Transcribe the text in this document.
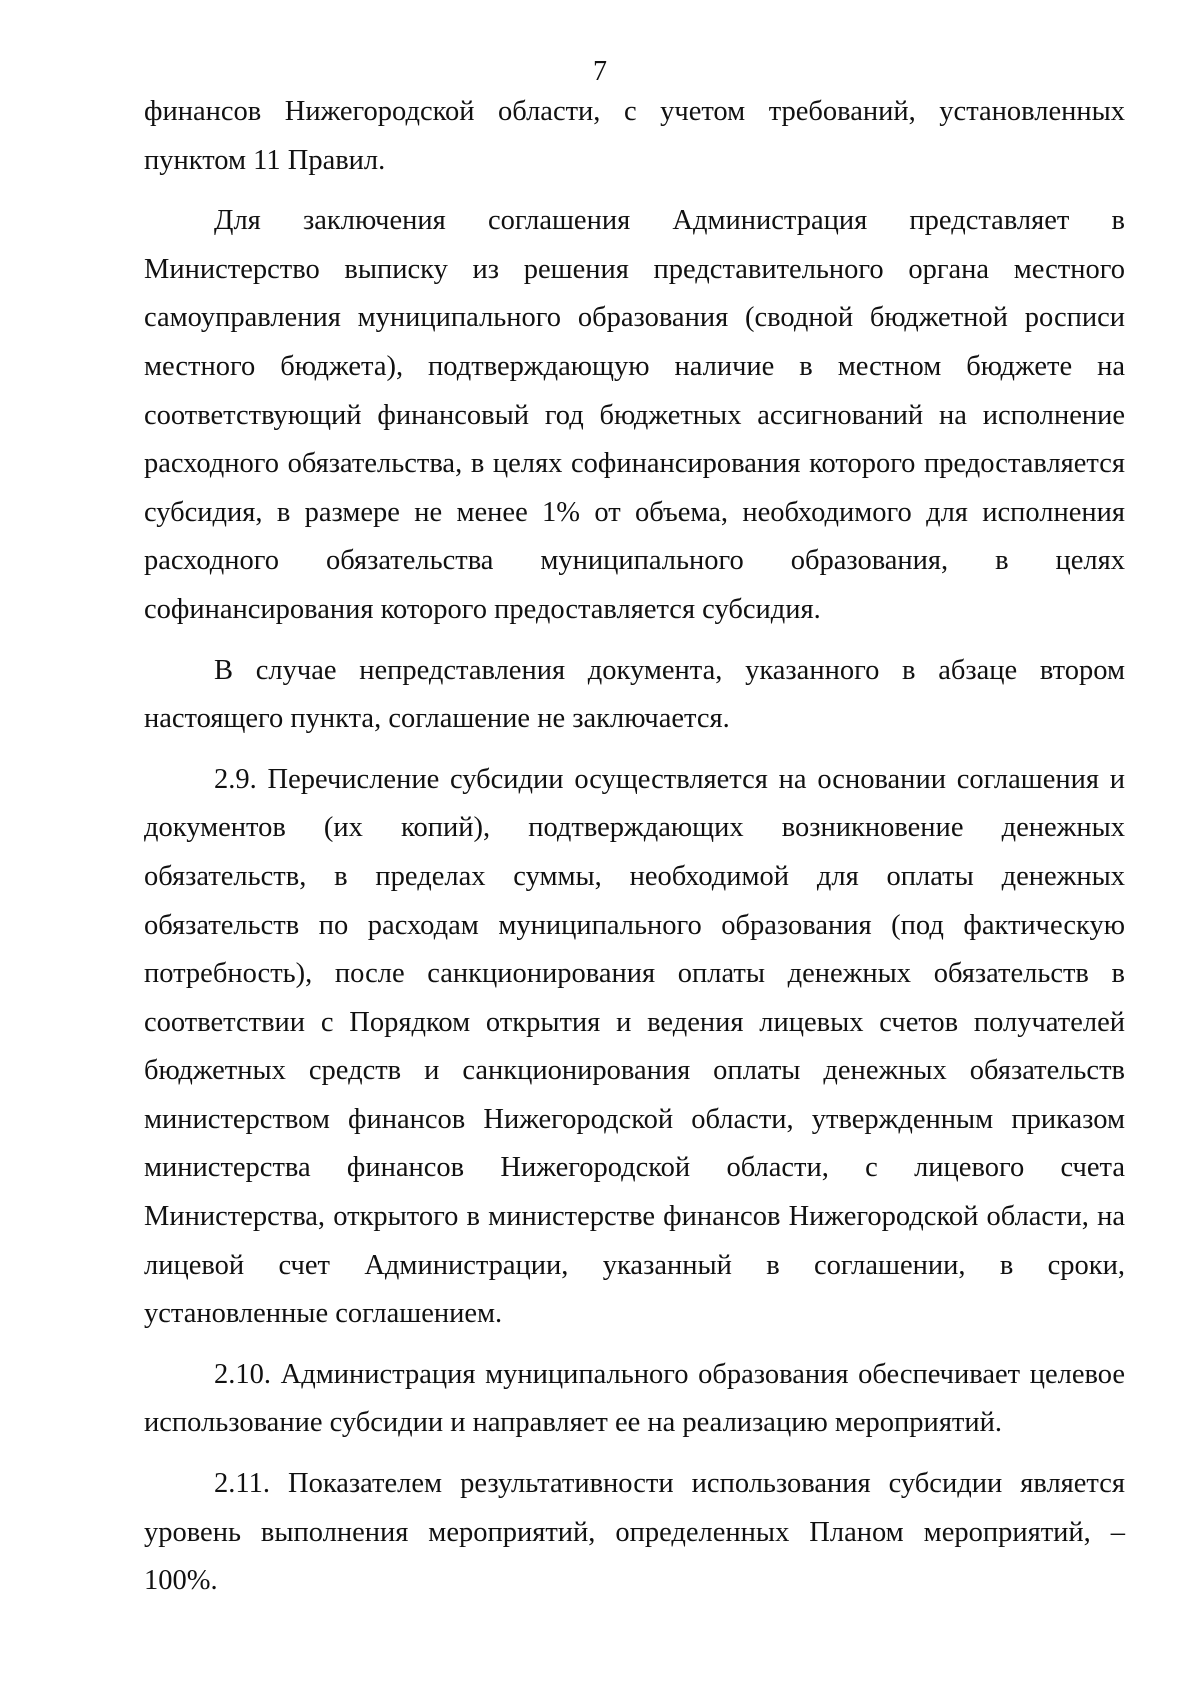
7

финансов Нижегородской области, с учетом требований, установленных пунктом 11 Правил.

Для заключения соглашения Администрация представляет в Министерство выписку из решения представительного органа местного самоуправления муниципального образования (сводной бюджетной росписи местного бюджета), подтверждающую наличие в местном бюджете на соответствующий финансовый год бюджетных ассигнований на исполнение расходного обязательства, в целях софинансирования которого предоставляется субсидия, в размере не менее 1% от объема, необходимого для исполнения расходного обязательства муниципального образования, в целях софинансирования которого предоставляется субсидия.

В случае непредставления документа, указанного в абзаце втором настоящего пункта, соглашение не заключается.

2.9. Перечисление субсидии осуществляется на основании соглашения и документов (их копий), подтверждающих возникновение денежных обязательств, в пределах суммы, необходимой для оплаты денежных обязательств по расходам муниципального образования (под фактическую потребность), после санкционирования оплаты денежных обязательств в соответствии с Порядком открытия и ведения лицевых счетов получателей бюджетных средств и санкционирования оплаты денежных обязательств министерством финансов Нижегородской области, утвержденным приказом министерства финансов Нижегородской области, с лицевого счета Министерства, открытого в министерстве финансов Нижегородской области, на лицевой счет Администрации, указанный в соглашении, в сроки, установленные соглашением.

2.10. Администрация муниципального образования обеспечивает целевое использование субсидии и направляет ее на реализацию мероприятий.

2.11. Показателем результативности использования субсидии является уровень выполнения мероприятий, определенных Планом мероприятий, – 100%.
